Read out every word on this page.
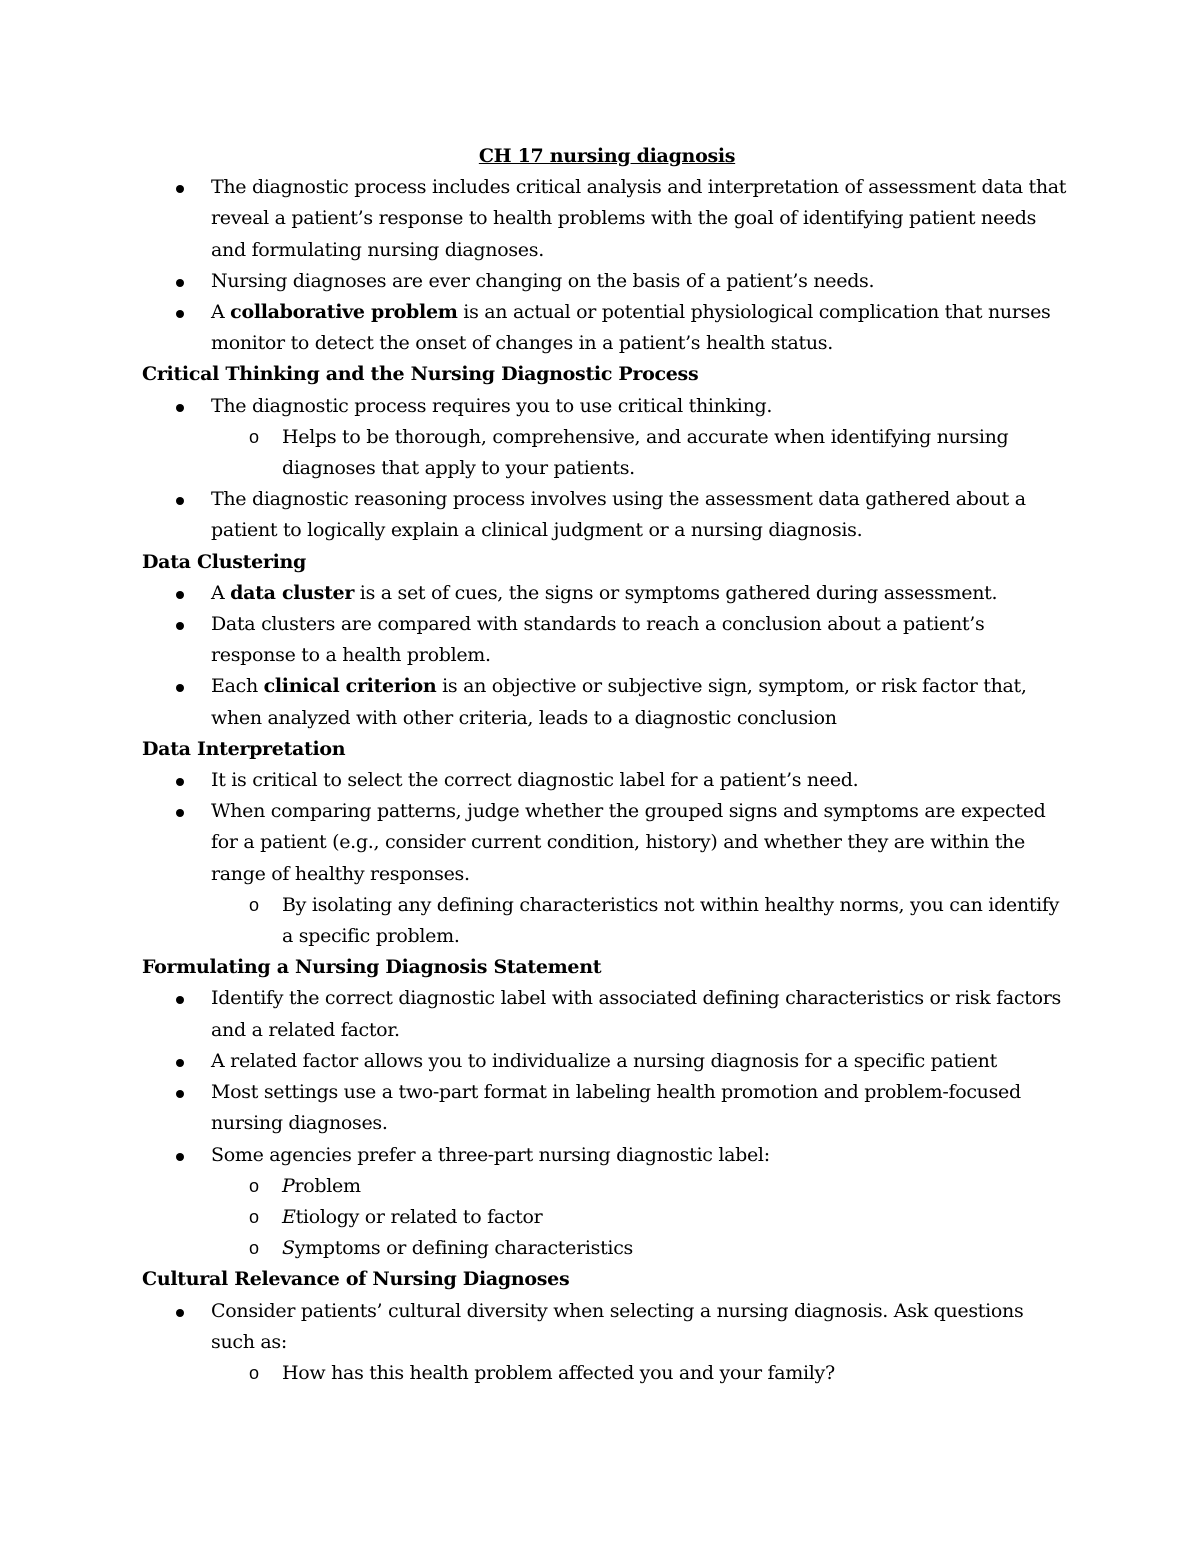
CH 17 nursing diagnosis

The diagnostic process includes critical analysis and interpretation of assessment data that reveal a patient’s response to health problems with the goal of identifying patient needs and formulating nursing diagnoses.
Nursing diagnoses are ever changing on the basis of a patient’s needs.
A collaborative problem is an actual or potential physiological complication that nurses monitor to detect the onset of changes in a patient’s health status.

Critical Thinking and the Nursing Diagnostic Process

The diagnostic process requires you to use critical thinking.
o Helps to be thorough, comprehensive, and accurate when identifying nursing diagnoses that apply to your patients.
The diagnostic reasoning process involves using the assessment data gathered about a patient to logically explain a clinical judgment or a nursing diagnosis.

Data Clustering

A data cluster is a set of cues, the signs or symptoms gathered during assessment.
Data clusters are compared with standards to reach a conclusion about a patient’s response to a health problem.
Each clinical criterion is an objective or subjective sign, symptom, or risk factor that, when analyzed with other criteria, leads to a diagnostic conclusion

Data Interpretation

It is critical to select the correct diagnostic label for a patient’s need.
When comparing patterns, judge whether the grouped signs and symptoms are expected for a patient (e.g., consider current condition, history) and whether they are within the range of healthy responses.
o By isolating any defining characteristics not within healthy norms, you can identify a specific problem.

Formulating a Nursing Diagnosis Statement

Identify the correct diagnostic label with associated defining characteristics or risk factors and a related factor.
A related factor allows you to individualize a nursing diagnosis for a specific patient
Most settings use a two-part format in labeling health promotion and problem-focused nursing diagnoses.
Some agencies prefer a three-part nursing diagnostic label:
o Problem
o Etiology or related to factor
o Symptoms or defining characteristics

Cultural Relevance of Nursing Diagnoses

Consider patients’ cultural diversity when selecting a nursing diagnosis. Ask questions such as:
o How has this health problem affected you and your family?
